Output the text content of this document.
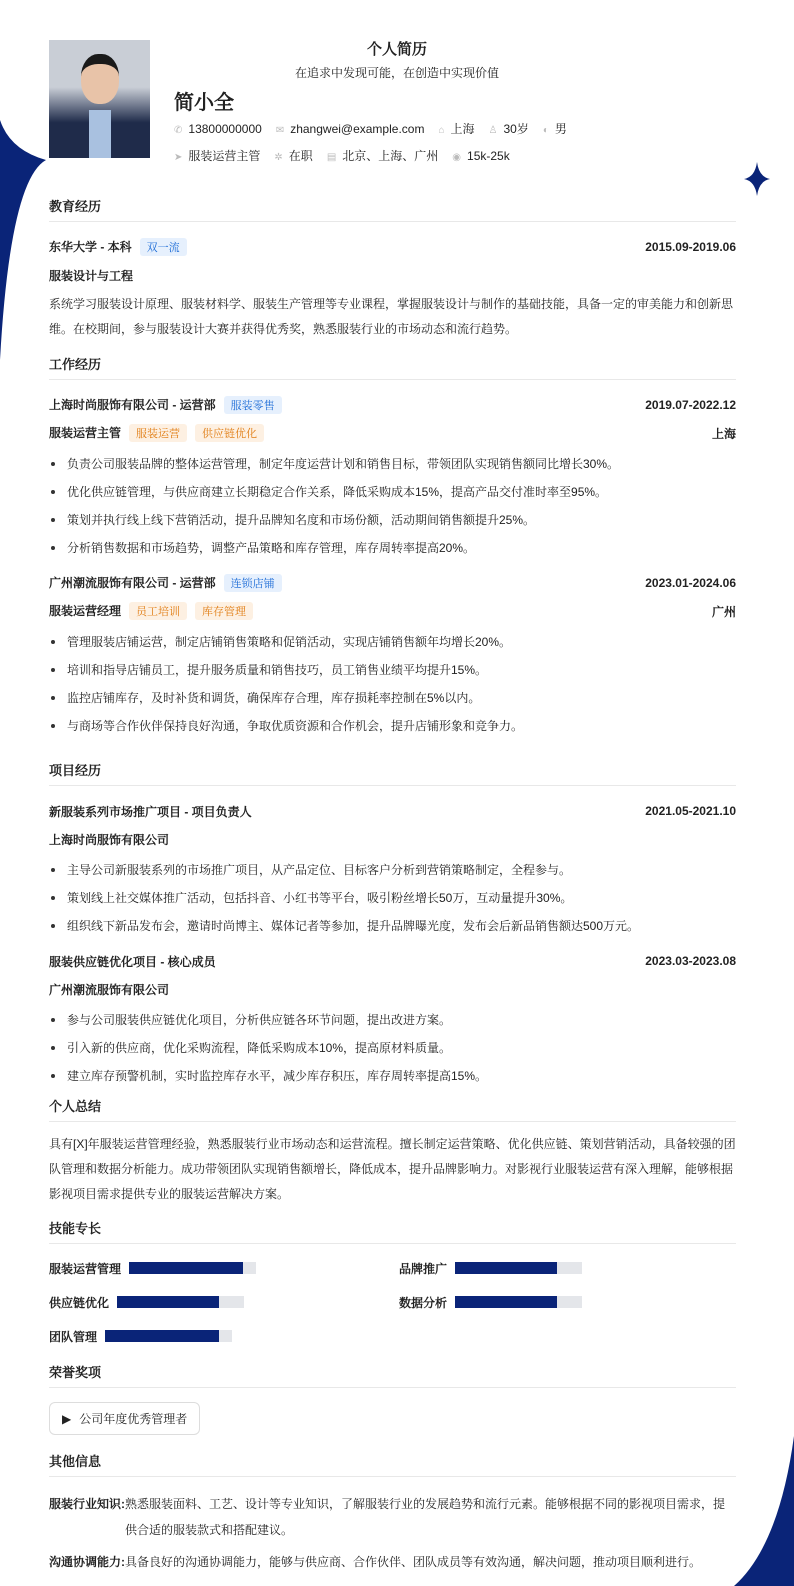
个人简历
在追求中发现可能，在创造中实现价值
简小全
✆ 13800000000 ✉ zhangwei@example.com ⌂ 上海 ♙ 30岁 ◐ 男
➤ 服装运营主管 ✲ 在职 ▤ 北京、上海、广州 ◉ 15k-25k
教育经历
东华大学 - 本科 双一流	2015.09-2019.06
服装设计与工程
系统学习服装设计原理、服装材料学、服装生产管理等专业课程，掌握服装设计与制作的基础技能，具备一定的审美能力和创新思维。在校期间，参与服装设计大赛并获得优秀奖，熟悉服装行业的市场动态和流行趋势。
工作经历
上海时尚服饰有限公司 - 运营部 服装零售	2019.07-2022.12
服装运营主管 服装运营 供应链优化	上海
负责公司服装品牌的整体运营管理，制定年度运营计划和销售目标，带领团队实现销售额同比增长30%。
优化供应链管理，与供应商建立长期稳定合作关系，降低采购成本15%，提高产品交付准时率至95%。
策划并执行线上线下营销活动，提升品牌知名度和市场份额，活动期间销售额提升25%。
分析销售数据和市场趋势，调整产品策略和库存管理，库存周转率提高20%。
广州潮流服饰有限公司 - 运营部 连锁店铺	2023.01-2024.06
服装运营经理 员工培训 库存管理	广州
管理服装店铺运营，制定店铺销售策略和促销活动，实现店铺销售额年均增长20%。
培训和指导店铺员工，提升服务质量和销售技巧，员工销售业绩平均提升15%。
监控店铺库存，及时补货和调货，确保库存合理，库存损耗率控制在5%以内。
与商场等合作伙伴保持良好沟通，争取优质资源和合作机会，提升店铺形象和竞争力。
项目经历
新服装系列市场推广项目 - 项目负责人	2021.05-2021.10
上海时尚服饰有限公司
主导公司新服装系列的市场推广项目，从产品定位、目标客户分析到营销策略制定，全程参与。
策划线上社交媒体推广活动，包括抖音、小红书等平台，吸引粉丝增长50万，互动量提升30%。
组织线下新品发布会，邀请时尚博主、媒体记者等参加，提升品牌曝光度，发布会后新品销售额达500万元。
服装供应链优化项目 - 核心成员	2023.03-2023.08
广州潮流服饰有限公司
参与公司服装供应链优化项目，分析供应链各环节问题，提出改进方案。
引入新的供应商，优化采购流程，降低采购成本10%，提高原材料质量。
建立库存预警机制，实时监控库存水平，减少库存积压，库存周转率提高15%。
个人总结
具有[X]年服装运营管理经验，熟悉服装行业市场动态和运营流程。擅长制定运营策略、优化供应链、策划营销活动，具备较强的团队管理和数据分析能力。成功带领团队实现销售额增长，降低成本，提升品牌影响力。对影视行业服装运营有深入理解，能够根据影视项目需求提供专业的服装运营解决方案。
技能专长
服装运营管理	品牌推广
供应链优化	数据分析
团队管理
荣誉奖项
▶ 公司年度优秀管理者
其他信息
服装行业知识: 熟悉服装面料、工艺、设计等专业知识，了解服装行业的发展趋势和流行元素。能够根据不同的影视项目需求，提供合适的服装款式和搭配建议。
沟通协调能力: 具备良好的沟通协调能力，能够与供应商、合作伙伴、团队成员等有效沟通，解决问题，推动项目顺利进行。
